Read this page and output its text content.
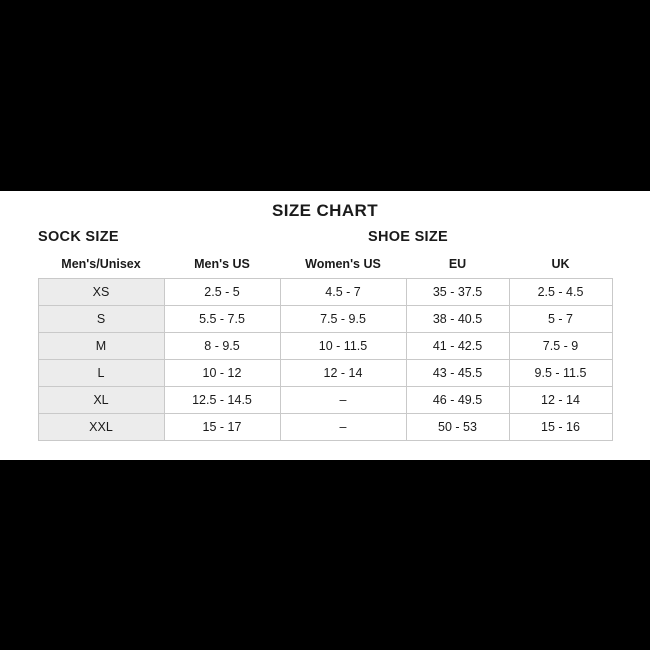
SIZE CHART
SOCK SIZE	SHOE SIZE
Men's/Unisex	Men's US	Women's US	EU	UK
XS	2.5 - 5	4.5 - 7	35 - 37.5	2.5 - 4.5
S	5.5 - 7.5	7.5 - 9.5	38 - 40.5	5 - 7
M	8 - 9.5	10 - 11.5	41 - 42.5	7.5 - 9
L	10 - 12	12 - 14	43 - 45.5	9.5 - 11.5
XL	12.5 - 14.5	–	46 - 49.5	12 - 14
XXL	15 - 17	–	50 - 53	15 - 16
